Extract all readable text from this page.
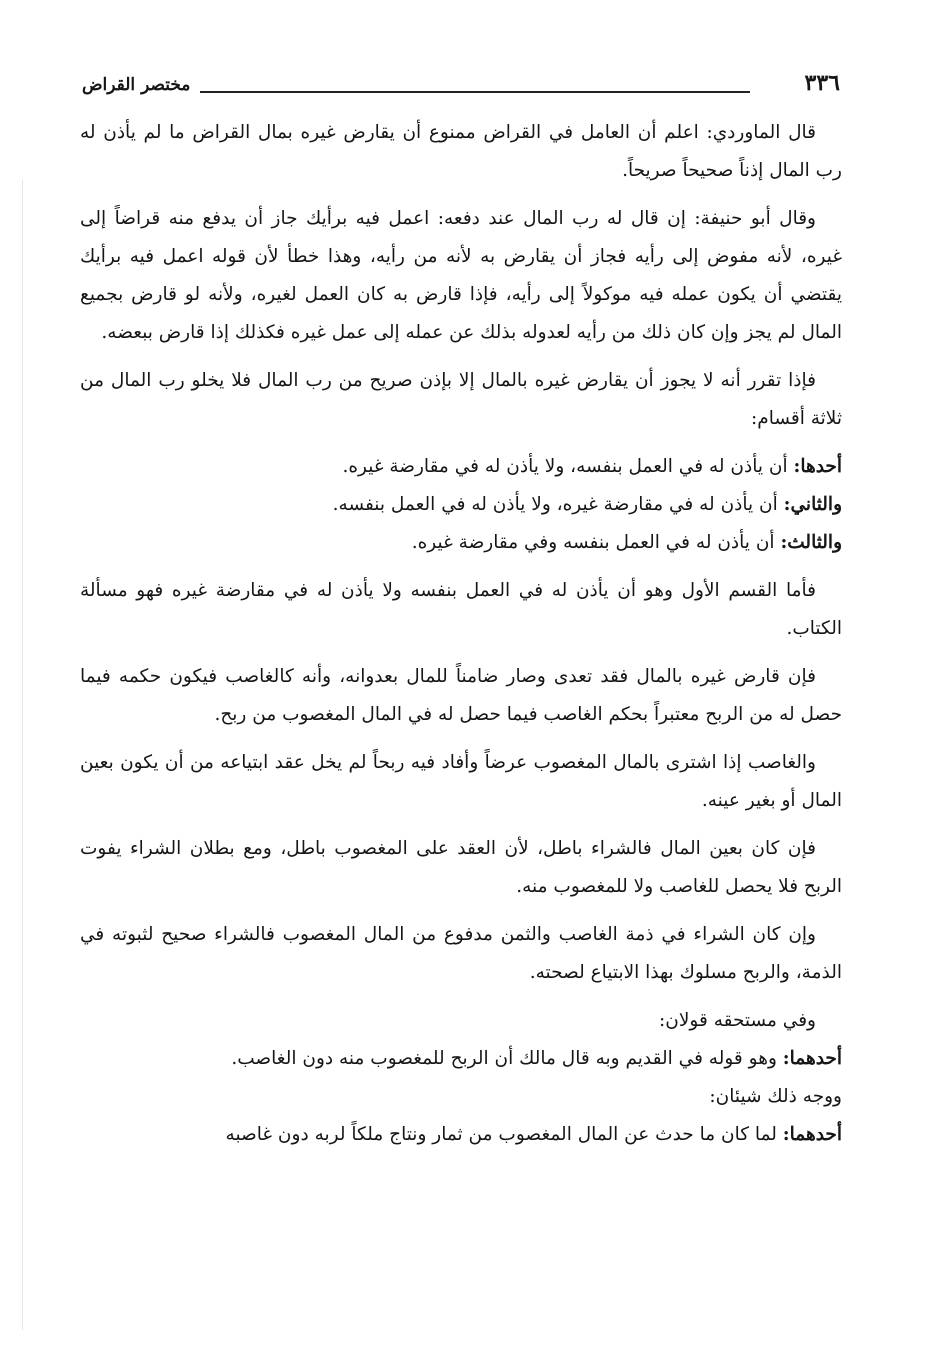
٣٣٦
مختصر القراض

قال الماوردي: اعلم أن العامل في القراض ممنوع أن يقارض غيره بمال القراض ما لم يأذن له رب المال إذناً صحيحاً صريحاً.

وقال أبو حنيفة: إن قال له رب المال عند دفعه: اعمل فيه برأيك جاز أن يدفع منه قراضاً إلى غيره، لأنه مفوض إلى رأيه فجاز أن يقارض به لأنه من رأيه، وهذا خطأ لأن قوله اعمل فيه برأيك يقتضي أن يكون عمله فيه موكولاً إلى رأيه، فإذا قارض به كان العمل لغيره، ولأنه لو قارض بجميع المال لم يجز وإن كان ذلك من رأيه لعدوله بذلك عن عمله إلى عمل غيره فكذلك إذا قارض ببعضه.

فإذا تقرر أنه لا يجوز أن يقارض غيره بالمال إلا بإذن صريح من رب المال فلا يخلو رب المال من ثلاثة أقسام:

أحدها: أن يأذن له في العمل بنفسه، ولا يأذن له في مقارضة غيره.

والثاني: أن يأذن له في مقارضة غيره، ولا يأذن له في العمل بنفسه.

والثالث: أن يأذن له في العمل بنفسه وفي مقارضة غيره.

فأما القسم الأول وهو أن يأذن له في العمل بنفسه ولا يأذن له في مقارضة غيره فهو مسألة الكتاب.

فإن قارض غيره بالمال فقد تعدى وصار ضامناً للمال بعدوانه، وأنه كالغاصب فيكون حكمه فيما حصل له من الربح معتبراً بحكم الغاصب فيما حصل له في المال المغصوب من ربح.

والغاصب إذا اشترى بالمال المغصوب عرضاً وأفاد فيه ربحاً لم يخل عقد ابتياعه من أن يكون بعين المال أو بغير عينه.

فإن كان بعين المال فالشراء باطل، لأن العقد على المغصوب باطل، ومع بطلان الشراء يفوت الربح فلا يحصل للغاصب ولا للمغصوب منه.

وإن كان الشراء في ذمة الغاصب والثمن مدفوع من المال المغصوب فالشراء صحيح لثبوته في الذمة، والربح مسلوك بهذا الابتياع لصحته.

وفي مستحقه قولان:

أحدهما: وهو قوله في القديم وبه قال مالك أن الربح للمغصوب منه دون الغاصب.

ووجه ذلك شيئان:

أحدهما: لما كان ما حدث عن المال المغصوب من ثمار ونتاج ملكاً لربه دون غاصبه
